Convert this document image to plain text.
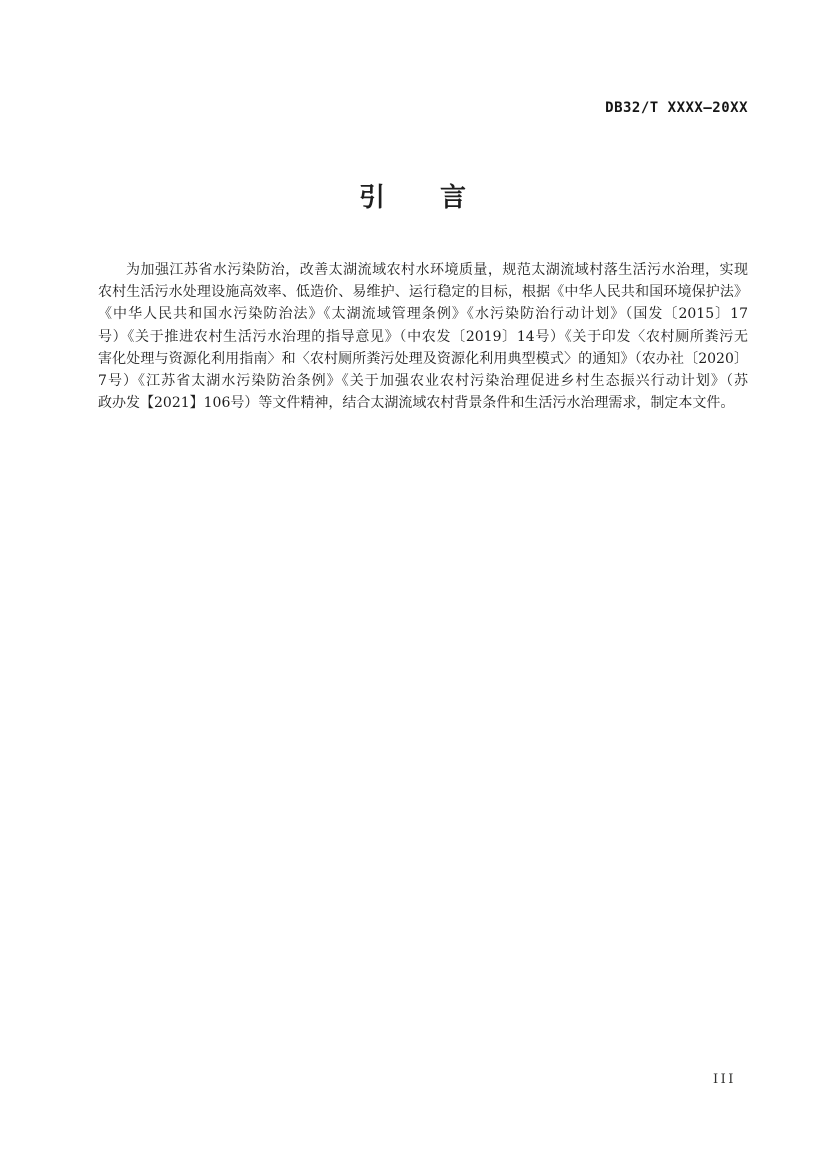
DB32/T XXXX—20XX
引　　言
为加强江苏省水污染防治，改善太湖流域农村水环境质量，规范太湖流域村落生活污水治理，实现
农村生活污水处理设施高效率、低造价、易维护、运行稳定的目标，根据《中华人民共和国环境保护法》
《中华人民共和国水污染防治法》《太湖流域管理条例》《水污染防治行动计划》（国发〔2015〕17
号）《关于推进农村生活污水治理的指导意见》（中农发〔2019〕14号）《关于印发〈农村厕所粪污无
害化处理与资源化利用指南〉和〈农村厕所粪污处理及资源化利用典型模式〉的通知》（农办社〔2020〕
7号）《江苏省太湖水污染防治条例》《关于加强农业农村污染治理促进乡村生态振兴行动计划》（苏
政办发【2021】106号）等文件精神，结合太湖流域农村背景条件和生活污水治理需求，制定本文件。
III
